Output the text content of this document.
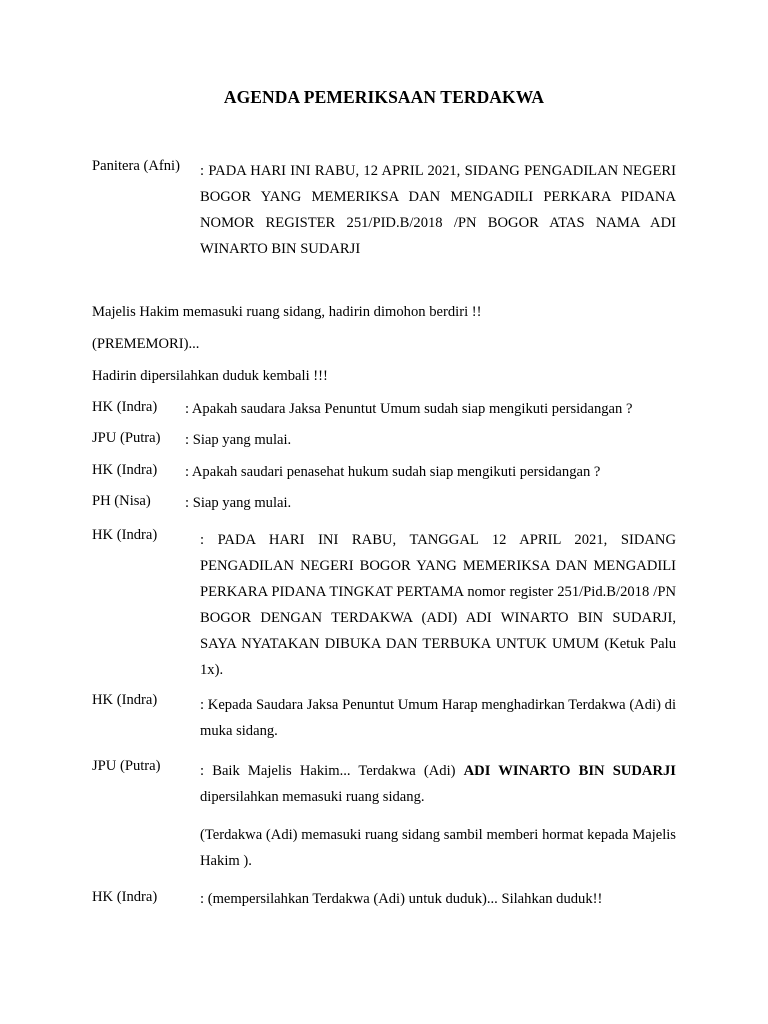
AGENDA PEMERIKSAAN TERDAKWA
Panitera (Afni) : PADA HARI INI RABU, 12 APRIL 2021, SIDANG PENGADILAN NEGERI BOGOR YANG MEMERIKSA DAN MENGADILI PERKARA PIDANA NOMOR REGISTER 251/PID.B/2018 /PN BOGOR ATAS NAMA ADI WINARTO BIN SUDARJI
Majelis Hakim memasuki ruang sidang, hadirin dimohon berdiri !!
(PREMEMORI)...
Hadirin dipersilahkan duduk kembali !!!
HK (Indra) : Apakah saudara Jaksa Penuntut Umum sudah siap mengikuti persidangan ?
JPU (Putra) : Siap yang mulai.
HK (Indra) : Apakah saudari penasehat hukum sudah siap mengikuti persidangan ?
PH (Nisa) : Siap yang mulai.
HK (Indra)	: PADA HARI INI RABU, TANGGAL 12 APRIL 2021, SIDANG PENGADILAN NEGERI BOGOR YANG MEMERIKSA DAN MENGADILI PERKARA PIDANA TINGKAT PERTAMA nomor register 251/Pid.B/2018 /PN BOGOR DENGAN TERDAKWA (ADI) ADI WINARTO BIN SUDARJI, SAYA NYATAKAN DIBUKA DAN TERBUKA UNTUK UMUM (Ketuk Palu 1x).
HK (Indra)	: Kepada Saudara Jaksa Penuntut Umum Harap menghadirkan Terdakwa (Adi) di muka sidang.
JPU (Putra)	: Baik Majelis Hakim... Terdakwa (Adi) ADI WINARTO BIN SUDARJI dipersilahkan memasuki ruang sidang.
(Terdakwa (Adi) memasuki ruang sidang sambil memberi hormat kepada Majelis Hakim ).
HK (Indra)	: (mempersilahkan Terdakwa (Adi) untuk duduk)... Silahkan duduk!!
